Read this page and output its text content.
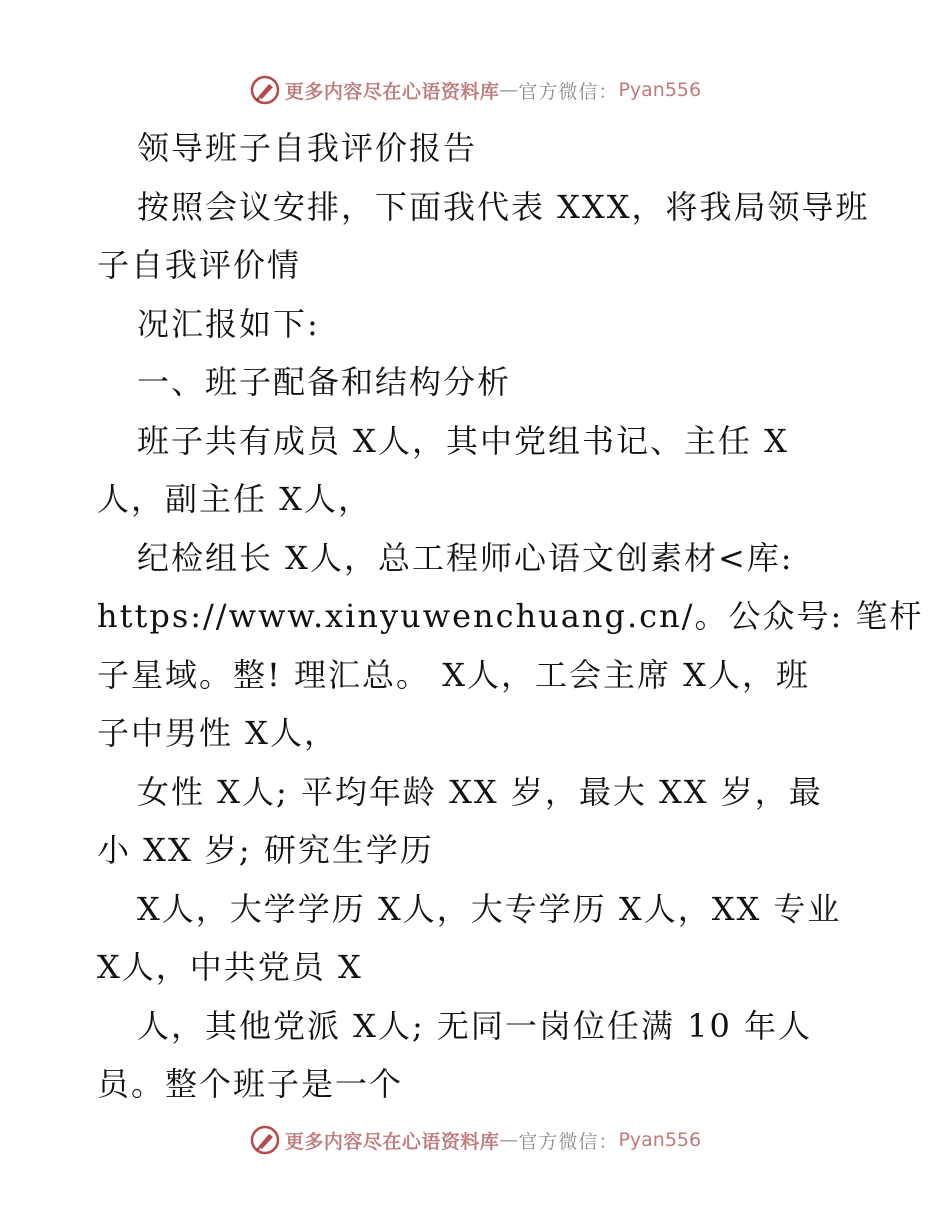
更多内容尽在心语资料库 — 官方微信： Pyan556
领导班子自我评价报告
按照会议安排，下面我代表 XXX，将我局领导班
子自我评价情
况汇报如下:
一、班子配备和结构分析
班子共有成员 X人，其中党组书记、主任 X
人，副主任 X人，
纪检组长 X人，总工程师心语文创素材<库:
https://www.xinyuwenchuang.cn/。公众号: 笔杆
子星域。整! 理汇总。 X人，工会主席 X人，班
子中男性 X人，
女性 X人; 平均年龄 XX 岁，最大 XX 岁，最
小 XX 岁; 研究生学历
X人，大学学历 X人，大专学历 X人，XX 专业
X人，中共党员 X
人，其他党派 X人; 无同一岗位任满 10 年人
员。整个班子是一个
更多内容尽在心语资料库 — 官方微信： Pyan556
